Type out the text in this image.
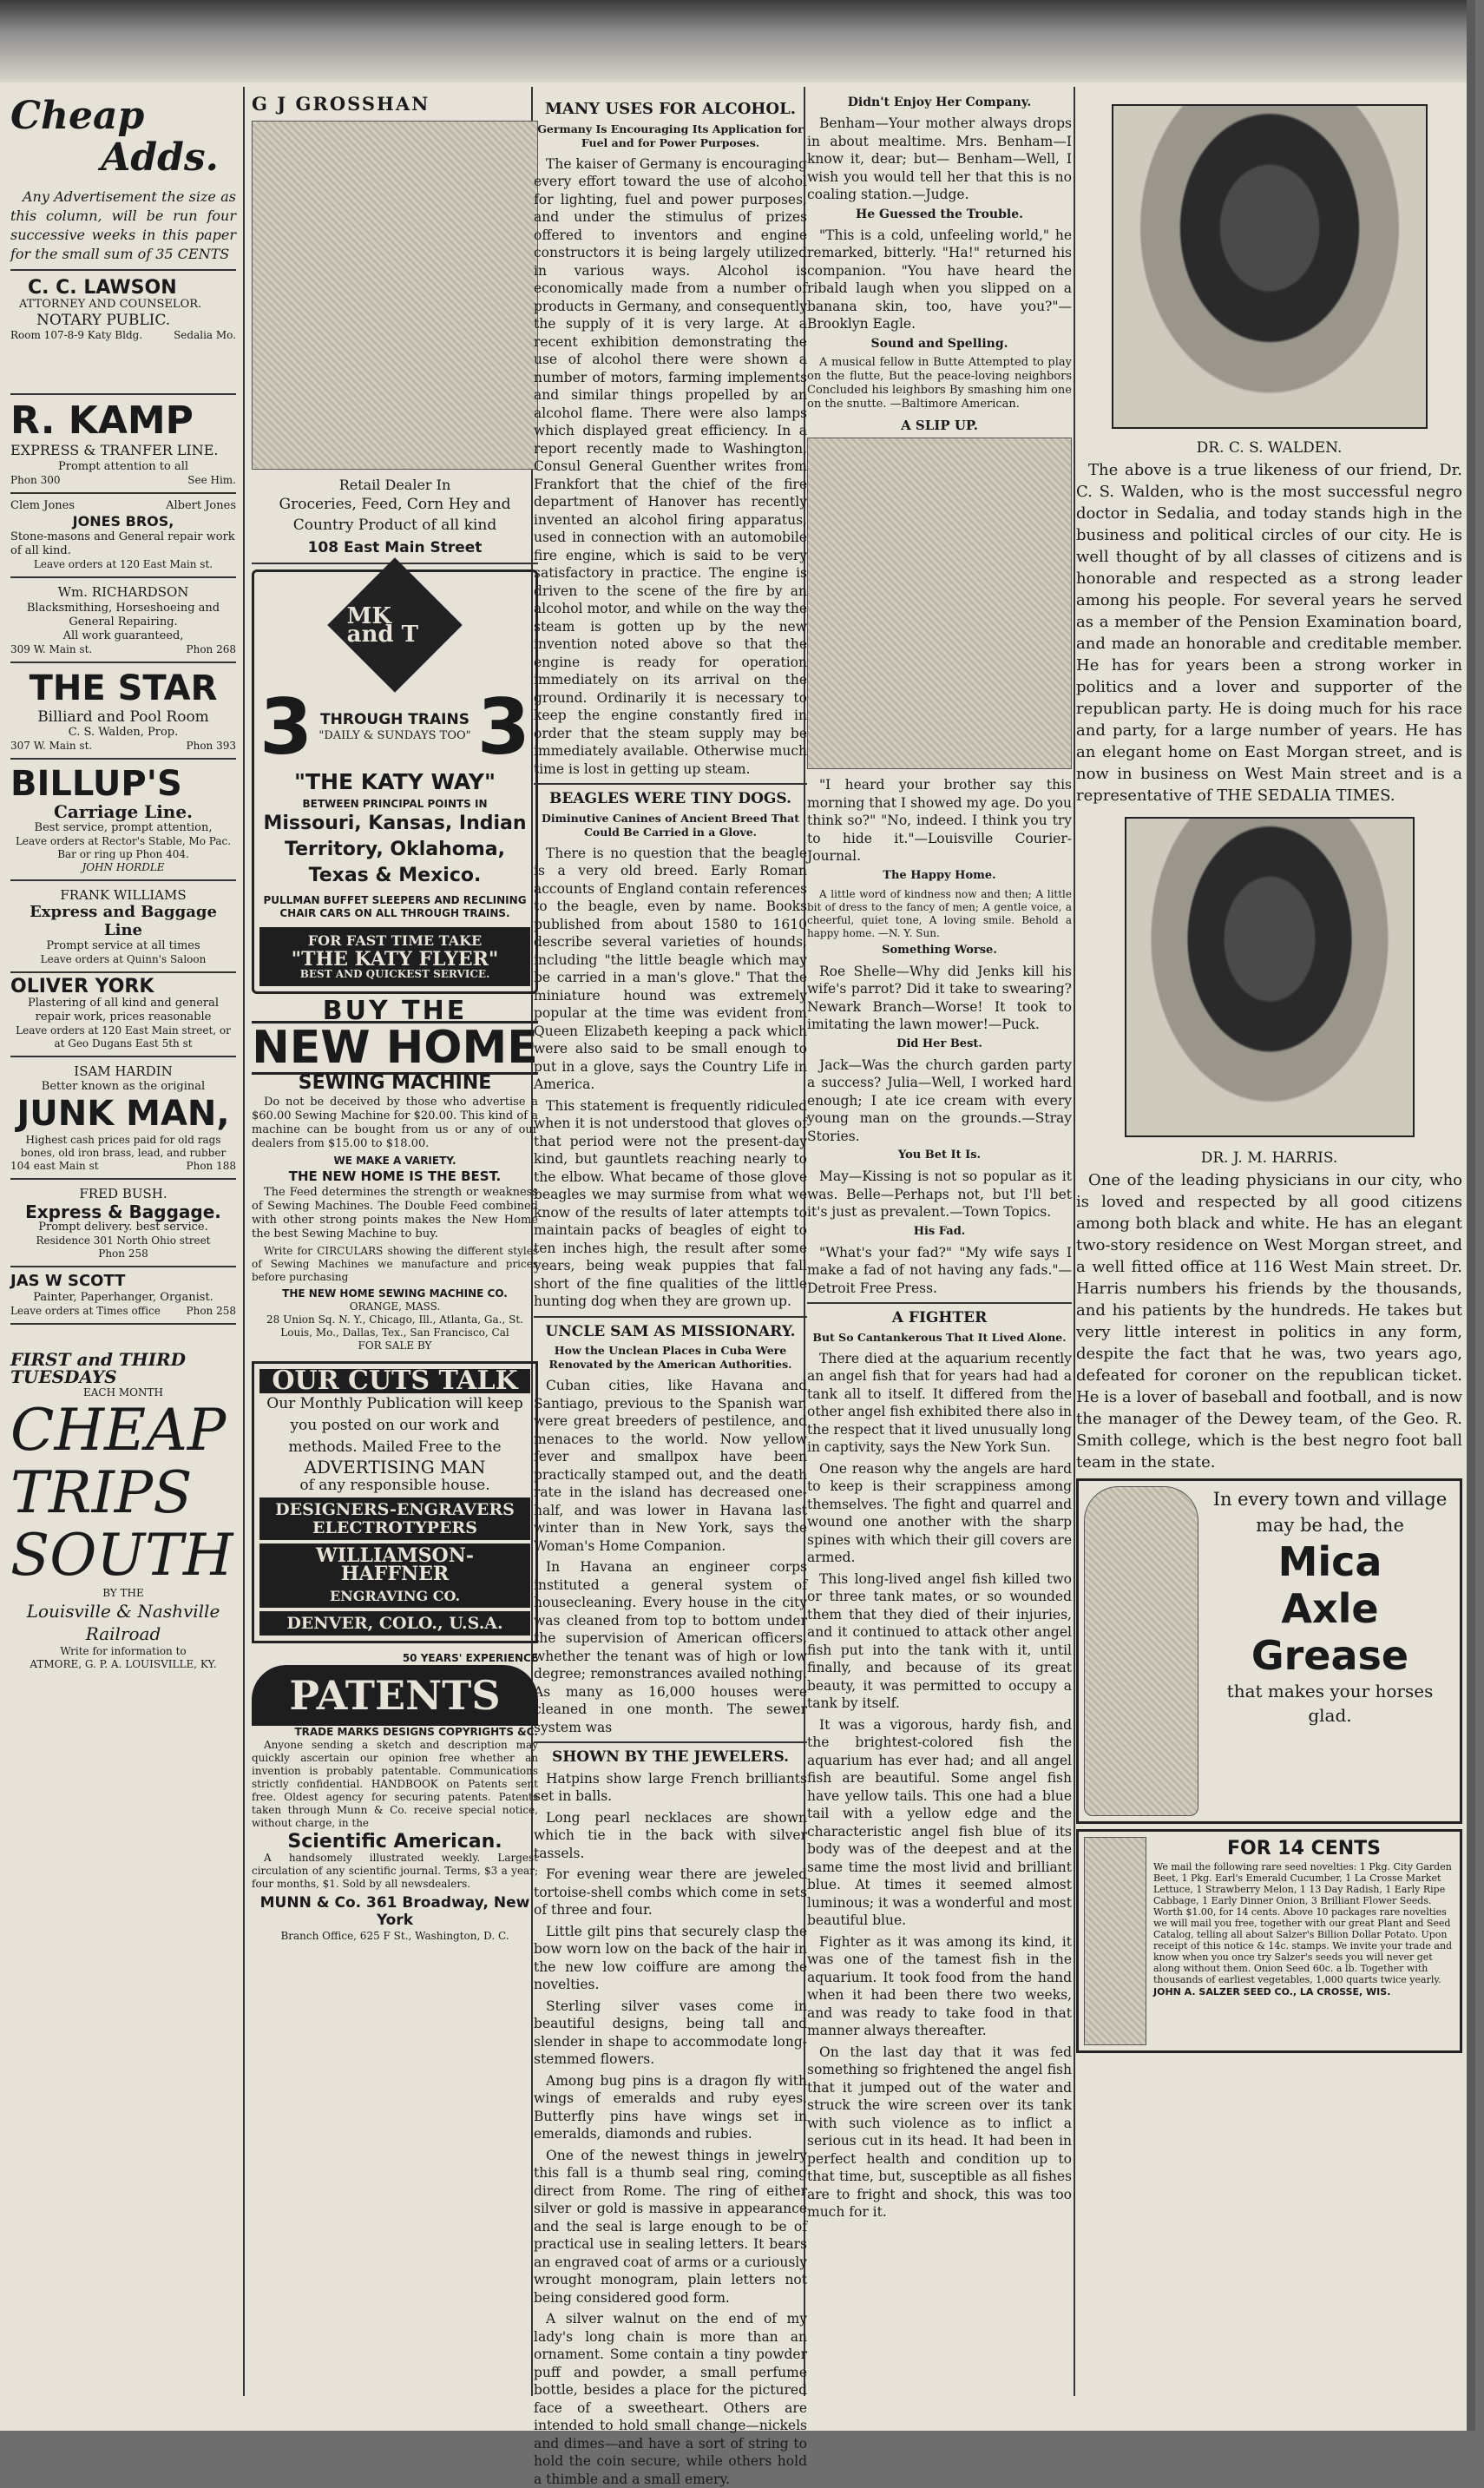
Cheap
Adds.

Any Advertisement the size as this column, will be run four successive weeks in this paper for the small sum of 35 CENTS

C. C. LAWSON
ATTORNEY AND COUNSELOR.
NOTARY PUBLIC.
Room 107-8-9 Katy Bldg.	Sedalia Mo.
R. KAMP
EXPRESS & TRANFER LINE.
Prompt attention to all
Phon 300	See Him.
Clem Jones	Albert Jones
JONES BROS,
Stone-masons and General repair work of all kind.
Leave orders at 120 East Main st.
Wm. RICHARDSON
Blacksmithing, Horseshoeing and General Repairing.
All work guaranteed,
309 W. Main st.	Phon 268
THE STAR
Billiard and Pool Room
C. S. Walden, Prop.
307 W. Main st.	Phon 393
BILLUP'S
Carriage Line.
Best service, prompt attention,
Leave orders at Rector's Stable, Mo Pac. Bar or ring up Phon 404.
JOHN HORDLE
FRANK WILLIAMS
Express and Baggage Line
Prompt service at all times
Leave orders at Quinn's Saloon
OLIVER YORK
Plastering of all kind and general repair work, prices reasonable
Leave orders at 120 East Main street, or at Geo Dugans East 5th st
ISAM HARDIN
Better known as the original
JUNK MAN,
Highest cash prices paid for old rags bones, old iron brass, lead, and rubber
104 east Main st	Phon 188
FRED BUSH.
Express & Baggage.
Prompt delivery. best service.
Residence 301 North Ohio street
Phon 258
JAS W SCOTT
Painter, Paperhanger, Organist.
Leave orders at Times office Phon 258
FIRST and THIRD
TUESDAYS
EACH MONTH
CHEAP
TRIPS
SOUTH
BY THE
Louisville & Nashville Railroad
Write for information to
ATMORE, G. P. A. LOUISVILLE, KY.
G J GROSSHAN
Retail Dealer In
Groceries, Feed, Corn Hey and Country Product of all kind
108 East Main Street
MK and T
3 THROUGH TRAINS
"DAILY & SUNDAYS TOO" 3
"THE KATY WAY"
BETWEEN PRINCIPAL POINTS IN
Missouri, Kansas, Indian Territory, Oklahoma, Texas & Mexico.
PULLMAN BUFFET SLEEPERS AND RECLINING CHAIR CARS ON ALL THROUGH TRAINS.
FOR FAST TIME TAKE
"THE KATY FLYER"
BEST AND QUICKEST SERVICE.
BUY THE
NEW HOME
SEWING MACHINE

Do not be deceived by those who advertise a $60.00 Sewing Machine for $20.00. This kind of a machine can be bought from us or any of our dealers from $15.00 to $18.00.

WE MAKE A VARIETY.
THE NEW HOME IS THE BEST.

The Feed determines the strength or weakness of Sewing Machines. The Double Feed combined with other strong points makes the New Home the best Sewing Machine to buy.

Write for CIRCULARS showing the different styles of Sewing Machines we manufacture and prices before purchasing

THE NEW HOME SEWING MACHINE CO.
ORANGE, MASS.
28 Union Sq. N. Y., Chicago, Ill., Atlanta, Ga., St. Louis, Mo., Dallas, Tex., San Francisco, Cal
FOR SALE BY
OUR CUTS TALK
Our Monthly Publication will keep you posted on our work and methods. Mailed Free to the
ADVERTISING MAN
of any responsible house.
DESIGNERS-ENGRAVERS ELECTROTYPERS
WILLIAMSON-HAFFNER
ENGRAVING CO.
DENVER, COLO., U.S.A.
50 YEARS' EXPERIENCE
PATENTS
TRADE MARKS DESIGNS COPYRIGHTS &C.

Anyone sending a sketch and description may quickly ascertain our opinion free whether an invention is probably patentable. Communications strictly confidential. HANDBOOK on Patents sent free. Oldest agency for securing patents. Patents taken through Munn & Co. receive special notice, without charge, in the

Scientific American.

A handsomely illustrated weekly. Largest circulation of any scientific journal. Terms, $3 a year; four months, $1. Sold by all newsdealers.

MUNN & Co. 361 Broadway, New York
Branch Office, 625 F St., Washington, D. C.
MANY USES FOR ALCOHOL.
Germany Is Encouraging Its Application for Fuel and for Power Purposes.

The kaiser of Germany is encouraging every effort toward the use of alcohol for lighting, fuel and power purposes, and under the stimulus of prizes offered to inventors and engine constructors it is being largely utilized in various ways. Alcohol is economically made from a number of products in Germany, and consequently the supply of it is very large. At a recent exhibition demonstrating the use of alcohol there were shown a number of motors, farming implements and similar things propelled by an alcohol flame. There were also lamps which displayed great efficiency. In a report recently made to Washington, Consul General Guenther writes from Frankfort that the chief of the fire department of Hanover has recently invented an alcohol firing apparatus, used in connection with an automobile fire engine, which is said to be very satisfactory in practice. The engine is driven to the scene of the fire by an alcohol motor, and while on the way the steam is gotten up by the new invention noted above so that the engine is ready for operation immediately on its arrival on the ground. Ordinarily it is necessary to keep the engine constantly fired in order that the steam supply may be immediately available. Otherwise much time is lost in getting up steam.

BEAGLES WERE TINY DOGS.
Diminutive Canines of Ancient Breed That Could Be Carried in a Glove.

There is no question that the beagle is a very old breed. Early Roman accounts of England contain references to the beagle, even by name. Books published from about 1580 to 1610 describe several varieties of hounds, including "the little beagle which may be carried in a man's glove." That the miniature hound was extremely popular at the time was evident from Queen Elizabeth keeping a pack which were also said to be small enough to put in a glove, says the Country Life in America.

This statement is frequently ridiculed when it is not understood that gloves of that period were not the present-day kind, but gauntlets reaching nearly to the elbow. What became of those glove beagles we may surmise from what we know of the results of later attempts to maintain packs of beagles of eight to ten inches high, the result after some years, being weak puppies that fall short of the fine qualities of the little hunting dog when they are grown up.

UNCLE SAM AS MISSIONARY.
How the Unclean Places in Cuba Were Renovated by the American Authorities.

Cuban cities, like Havana and Santiago, previous to the Spanish war, were great breeders of pestilence, and menaces to the world. Now yellow fever and smallpox have been practically stamped out, and the death rate in the island has decreased one-half, and was lower in Havana last winter than in New York, says the Woman's Home Companion.

In Havana an engineer corps instituted a general system of housecleaning. Every house in the city was cleaned from top to bottom under the supervision of American officers, whether the tenant was of high or low degree; remonstrances availed nothing. As many as 16,000 houses were cleaned in one month. The sewer system was

SHOWN BY THE JEWELERS.

Hatpins show large French brilliants set in balls.

Long pearl necklaces are shown which tie in the back with silver tassels.

For evening wear there are jeweled tortoise-shell combs which come in sets of three and four.

Little gilt pins that securely clasp the bow worn low on the back of the hair in the new low coiffure are among the novelties.

Sterling silver vases come in beautiful designs, being tall and slender in shape to accommodate long-stemmed flowers.

Among bug pins is a dragon fly with wings of emeralds and ruby eyes. Butterfly pins have wings set in emeralds, diamonds and rubies.

One of the newest things in jewelry this fall is a thumb seal ring, coming direct from Rome. The ring of either silver or gold is massive in appearance and the seal is large enough to be of practical use in sealing letters. It bears an engraved coat of arms or a curiously wrought monogram, plain letters not being considered good form.

A silver walnut on the end of my lady's long chain is more than an ornament. Some contain a tiny powder puff and powder, a small perfume bottle, besides a place for the pictured face of a sweetheart. Others are intended to hold small change—nickels and dimes—and have a sort of string to hold the coin secure, while others hold a thimble and a small emery.

Didn't Enjoy Her Company.

Benham—Your mother always drops in about mealtime. Mrs. Benham—I know it, dear; but— Benham—Well, I wish you would tell her that this is no coaling station.—Judge.

He Guessed the Trouble.

"This is a cold, unfeeling world," he remarked, bitterly. "Ha!" returned his companion. "You have heard the ribald laugh when you slipped on a banana skin, too, have you?"—Brooklyn Eagle.

Sound and Spelling.

A musical fellow in Butte Attempted to play on the flutte, But the peace-loving neighbors Concluded his leighbors By smashing him one on the snutte. —Baltimore American.

A SLIP UP.

"I heard your brother say this morning that I showed my age. Do you think so?" "No, indeed. I think you try to hide it."—Louisville Courier-Journal.

The Happy Home.

A little word of kindness now and then; A little bit of dress to the fancy of men; A gentle voice, a cheerful, quiet tone, A loving smile. Behold a happy home. —N. Y. Sun.

Something Worse.

Roe Shelle—Why did Jenks kill his wife's parrot? Did it take to swearing? Newark Branch—Worse! It took to imitating the lawn mower!—Puck.

Did Her Best.

Jack—Was the church garden party a success? Julia—Well, I worked hard enough; I ate ice cream with every young man on the grounds.—Stray Stories.

You Bet It Is.

May—Kissing is not so popular as it was. Belle—Perhaps not, but I'll bet it's just as prevalent.—Town Topics.

His Fad.

"What's your fad?" "My wife says I make a fad of not having any fads."—Detroit Free Press.

A FIGHTER
But So Cantankerous That It Lived Alone.

There died at the aquarium recently an angel fish that for years had had a tank all to itself. It differed from the other angel fish exhibited there also in the respect that it lived unusually long in captivity, says the New York Sun.

One reason why the angels are hard to keep is their scrappiness among themselves. The fight and quarrel and wound one another with the sharp spines with which their gill covers are armed.

This long-lived angel fish killed two or three tank mates, or so wounded them that they died of their injuries, and it continued to attack other angel fish put into the tank with it, until finally, and because of its great beauty, it was permitted to occupy a tank by itself.

It was a vigorous, hardy fish, and the brightest-colored fish the aquarium has ever had; and all angel fish are beautiful. Some angel fish have yellow tails. This one had a blue tail with a yellow edge and the characteristic angel fish blue of its body was of the deepest and at the same time the most livid and brilliant blue. At times it seemed almost luminous; it was a wonderful and most beautiful blue.

Fighter as it was among its kind, it was one of the tamest fish in the aquarium. It took food from the hand when it had been there two weeks, and was ready to take food in that manner always thereafter.

On the last day that it was fed something so frightened the angel fish that it jumped out of the water and struck the wire screen over its tank with such violence as to inflict a serious cut in its head. It had been in perfect health and condition up to that time, but, susceptible as all fishes are to fright and shock, this was too much for it.

DR. C. S. WALDEN.

The above is a true likeness of our friend, Dr. C. S. Walden, who is the most successful negro doctor in Sedalia, and today stands high in the business and political circles of our city. He is well thought of by all classes of citizens and is honorable and respected as a strong leader among his people. For several years he served as a member of the Pension Examination board, and made an honorable and creditable member. He has for years been a strong worker in politics and a lover and supporter of the republican party. He is doing much for his race and party, for a large number of years. He has an elegant home on East Morgan street, and is now in business on West Main street and is a representative of THE SEDALIA TIMES.

DR. J. M. HARRIS.

One of the leading physicians in our city, who is loved and respected by all good citizens among both black and white. He has an elegant two-story residence on West Morgan street, and a well fitted office at 116 West Main street. Dr. Harris numbers his friends by the thousands, and his patients by the hundreds. He takes but very little interest in politics in any form, despite the fact that he was, two years ago, defeated for coroner on the republican ticket. He is a lover of baseball and football, and is now the manager of the Dewey team, of the Geo. R. Smith college, which is the best negro foot ball team in the state.

In every town and village may be had, the
Mica
Axle
Grease
that makes your horses glad.
FOR 14 CENTS
We mail the following rare seed novelties: 1 Pkg. City Garden Beet, 1 Pkg. Earl's Emerald Cucumber, 1 La Crosse Market Lettuce, 1 Strawberry Melon, 1 13 Day Radish, 1 Early Ripe Cabbage, 1 Early Dinner Onion, 3 Brilliant Flower Seeds. Worth $1.00, for 14 cents. Above 10 packages rare novelties we will mail you free, together with our great Plant and Seed Catalog, telling all about Salzer's Billion Dollar Potato. Upon receipt of this notice & 14c. stamps. We invite your trade and know when you once try Salzer's seeds you will never get along without them. Onion Seed 60c. a lb. Together with thousands of earliest vegetables, 1,000 quarts twice yearly.
JOHN A. SALZER SEED CO., LA CROSSE, WIS.
